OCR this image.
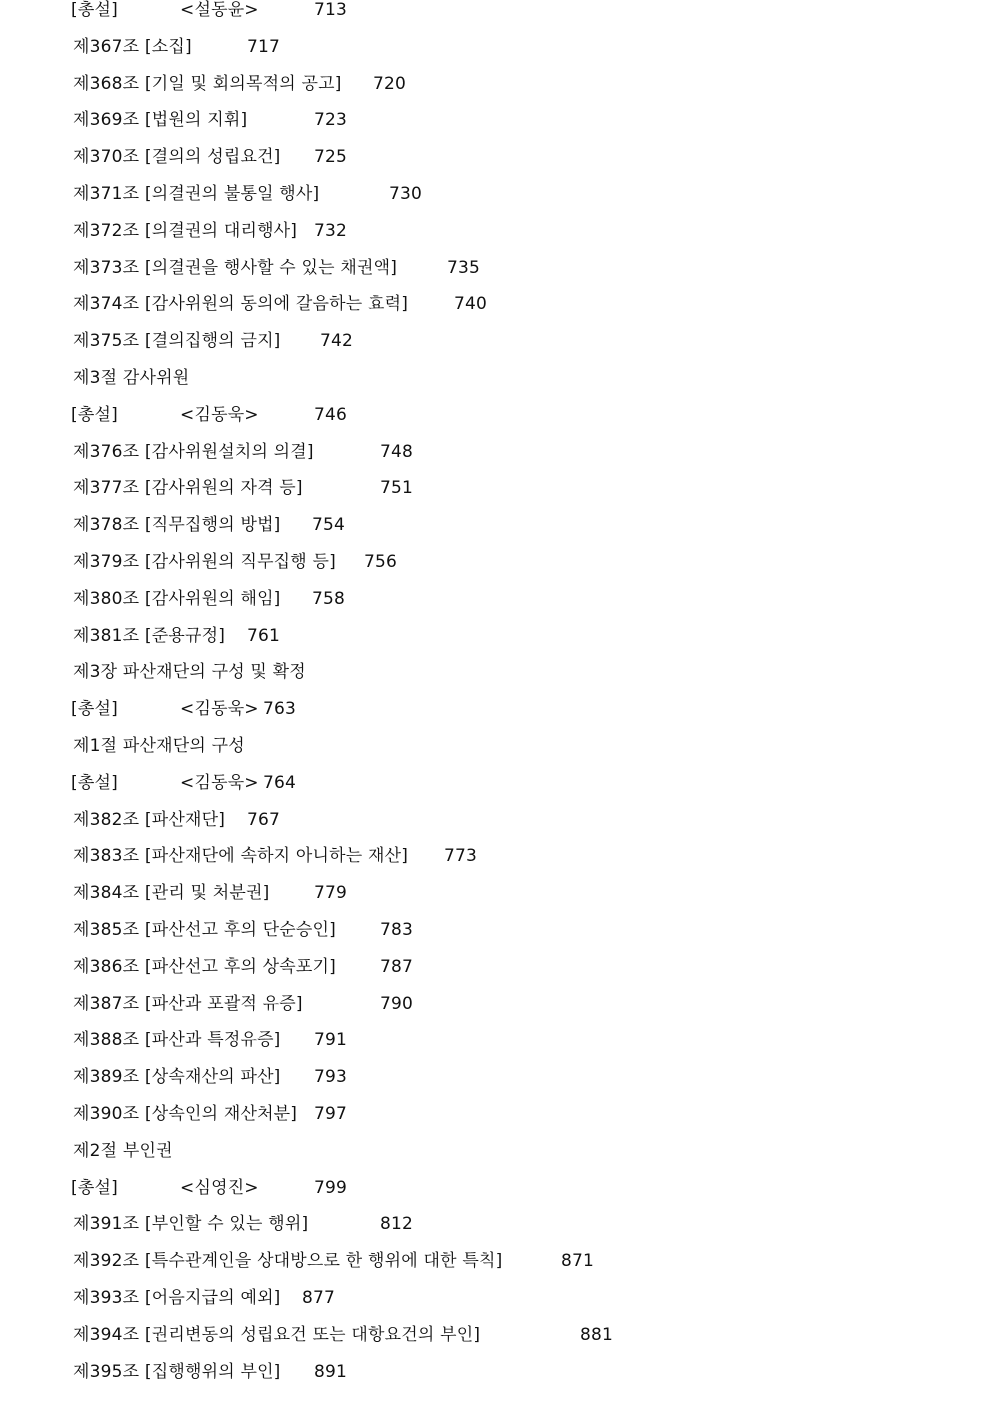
[총설]	<설동윤>	713
제367조 [소집]	717
제368조 [기일 및 회의목적의 공고] 720
제369조 [법원의 지휘]	723
제370조 [결의의 성립요건] 725
제371조 [의결권의 불통일 행사]	730
제372조 [의결권의 대리행사] 732
제373조 [의결권을 행사할 수 있는 채권액]	735
제374조 [감사위원의 동의에 갈음하는 효력]	740
제375조 [결의집행의 금지] 742
제3절 감사위원
[총설]	<김동욱>	746
제376조 [감사위원설치의 의결]	748
제377조 [감사위원의 자격 등]	751
제378조 [직무집행의 방법] 754
제379조 [감사위원의 직무집행 등] 756
제380조 [감사위원의 해임] 758
제381조 [준용규정] 761
제3장 파산재단의 구성 및 확정
[총설]	<김동욱> 763
제1절 파산재단의 구성
[총설]	<김동욱> 764
제382조 [파산재단] 767
제383조 [파산재단에 속하지 아니하는 재산] 773
제384조 [관리 및 처분권]	779
제385조 [파산선고 후의 단순승인]	783
제386조 [파산선고 후의 상속포기]	787
제387조 [파산과 포괄적 유증]	790
제388조 [파산과 특정유증] 791
제389조 [상속재산의 파산] 793
제390조 [상속인의 재산처분] 797
제2절 부인권
[총설]	<심영진>	799
제391조 [부인할 수 있는 행위]	812
제392조 [특수관계인을 상대방으로 한 행위에 대한 특칙]	871
제393조 [어음지급의 예외] 877
제394조 [권리변동의 성립요건 또는 대항요건의 부인]	881
제395조 [집행행위의 부인] 891
